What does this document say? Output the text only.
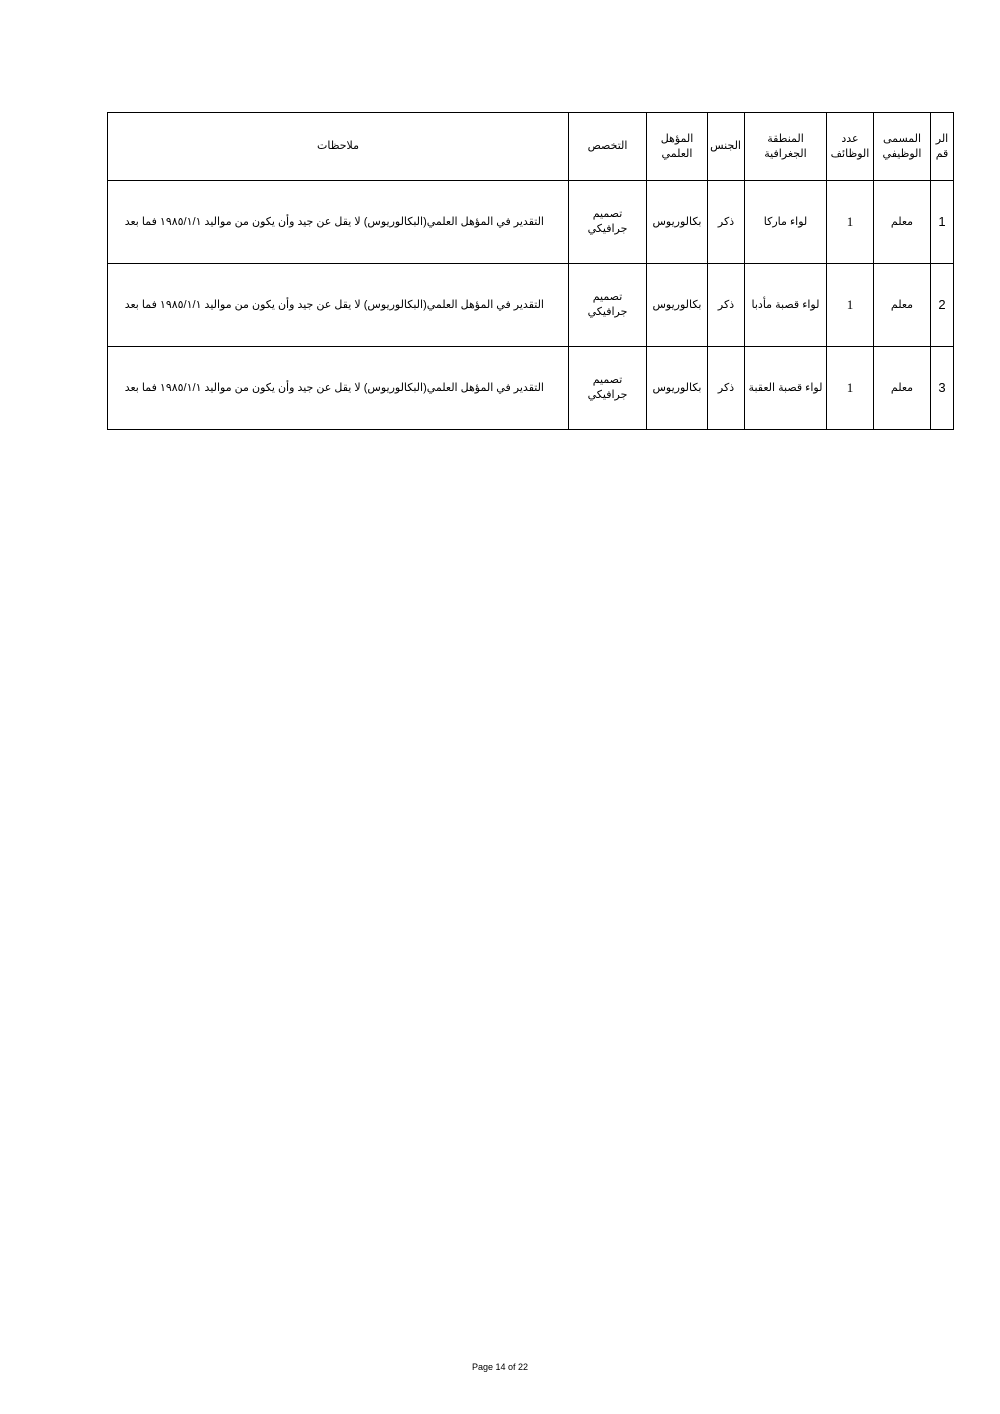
الر قم	المسمى الوظيفي	عدد الوظائف	المنطقة الجغرافية	الجنس	المؤهل العلمي	التخصص	ملاحظات
1	معلم	1	لواء ماركا	ذكر	بكالوريوس	تصميم جرافيكي	التقدير في المؤهل العلمي(البكالوريوس) لا يقل عن جيد وأن يكون من مواليد ١٩٨٥/١/١ فما بعد
2	معلم	1	لواء قصبة مأدبا	ذكر	بكالوريوس	تصميم جرافيكي	التقدير في المؤهل العلمي(البكالوريوس) لا يقل عن جيد وأن يكون من مواليد ١٩٨٥/١/١ فما بعد
3	معلم	1	لواء قصبة العقبة	ذكر	بكالوريوس	تصميم جرافيكي	التقدير في المؤهل العلمي(البكالوريوس) لا يقل عن جيد وأن يكون من مواليد ١٩٨٥/١/١ فما بعد
Page 14 of 22
